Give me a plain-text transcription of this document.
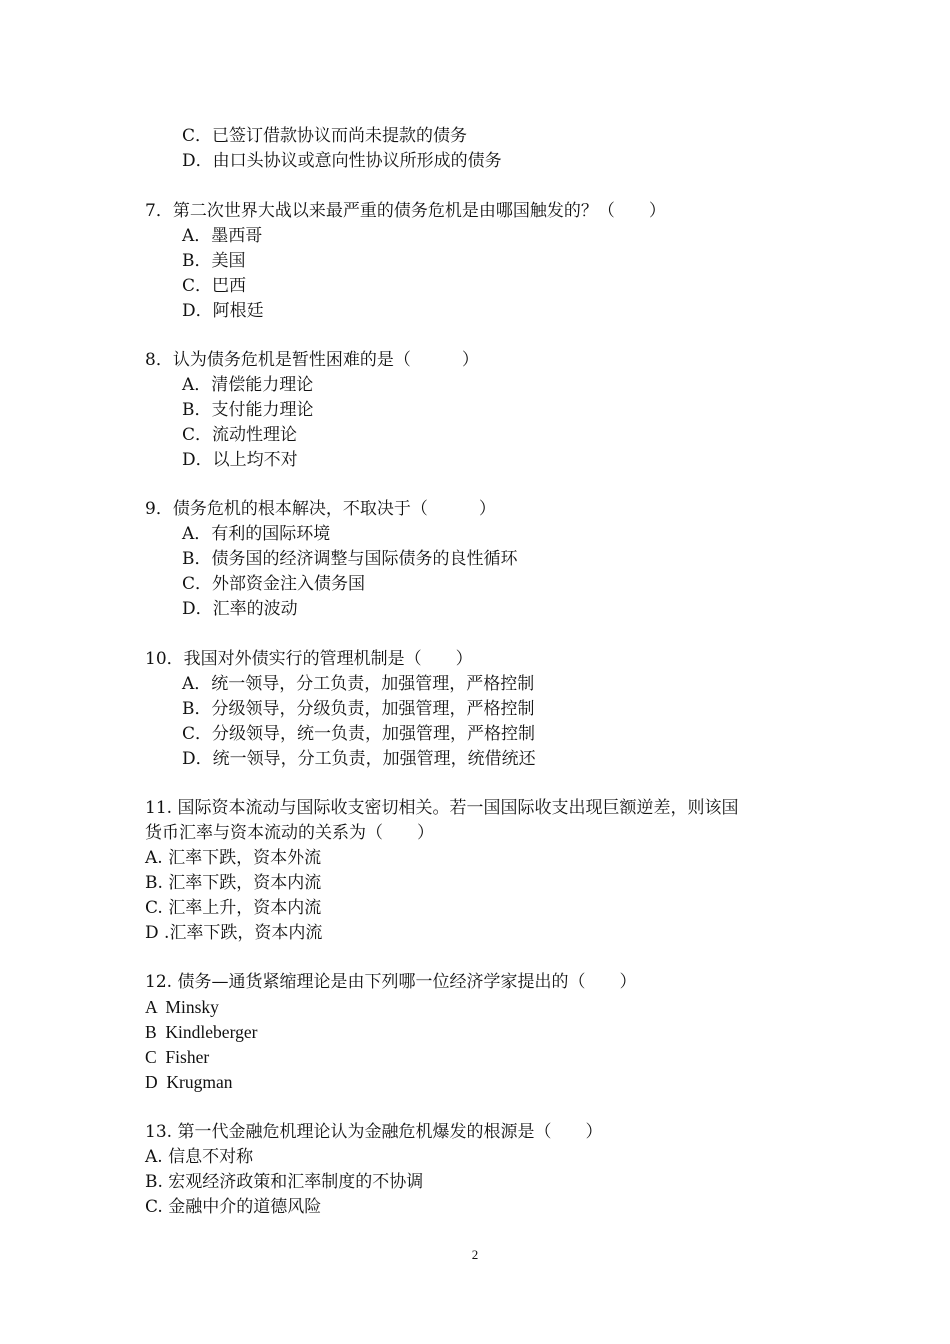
C．已签订借款协议而尚未提款的债务
D．由口头协议或意向性协议所形成的债务
7．第二次世界大战以来最严重的债务危机是由哪国触发的？（　　）
A．墨西哥
B．美国
C．巴西
D．阿根廷
8．认为债务危机是暂性困难的是（　　　）
A．清偿能力理论
B．支付能力理论
C．流动性理论
D．以上均不对
9．债务危机的根本解决，不取决于（　　　）
A．有利的国际环境
B．债务国的经济调整与国际债务的良性循环
C．外部资金注入债务国
D．汇率的波动
10．我国对外债实行的管理机制是（　　）
A．统一领导，分工负责，加强管理，严格控制
B．分级领导，分级负责，加强管理，严格控制
C．分级领导，统一负责，加强管理，严格控制
D．统一领导，分工负责，加强管理，统借统还
11. 国际资本流动与国际收支密切相关。若一国国际收支出现巨额逆差，则该国
货币汇率与资本流动的关系为（　　）
A. 汇率下跌，资本外流
B. 汇率下跌，资本内流
C. 汇率上升，资本内流
D .汇率下跌，资本内流
12. 债务—通货紧缩理论是由下列哪一位经济学家提出的（　　）
A  Minsky
B  Kindleberger
C  Fisher
D  Krugman
13. 第一代金融危机理论认为金融危机爆发的根源是（　　）
A. 信息不对称
B. 宏观经济政策和汇率制度的不协调
C. 金融中介的道德风险
2
